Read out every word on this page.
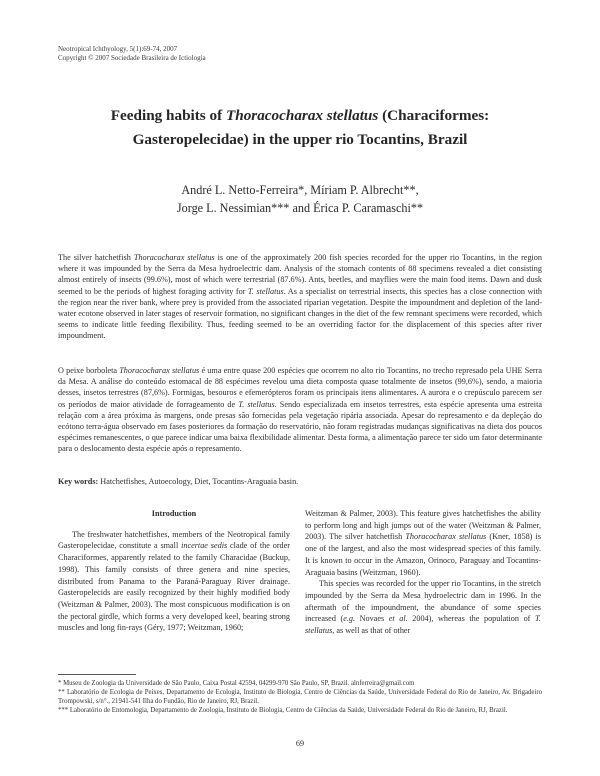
Neotropical Ichthyology, 5(1):69-74, 2007
Copyright © 2007 Sociedade Brasileira de Ictiologia
Feeding habits of Thoracocharax stellatus (Characiformes:
Gasteropelecidae) in the upper rio Tocantins, Brazil
André L. Netto-Ferreira*, Míriam P. Albrecht**,
Jorge L. Nessimian*** and Érica P. Caramaschi**
The silver hatchetfish Thoracocharax stellatus is one of the approximately 200 fish species recorded for the upper rio Tocantins, in the region where it was impounded by the Serra da Mesa hydroelectric dam. Analysis of the stomach contents of 88 specimens revealed a diet consisting almost entirely of insects (99.6%), most of which were terrestrial (87.6%). Ants, beetles, and mayflies were the main food items. Dawn and dusk seemed to be the periods of highest foraging activity for T. stellatus. As a specialist on terrestrial insects, this species has a close connection with the region near the river bank, where prey is provided from the associated riparian vegetation. Despite the impoundment and depletion of the land-water ecotone observed in later stages of reservoir formation, no significant changes in the diet of the few remnant specimens were recorded, which seems to indicate little feeding flexibility. Thus, feeding seemed to be an overriding factor for the displacement of this species after river impoundment.
O peixe borboleta Thoracocharax stellatus é uma entre quase 200 espécies que ocorrem no alto rio Tocantins, no trecho represado pela UHE Serra da Mesa. A análise do conteúdo estomacal de 88 espécimes revelou uma dieta composta quase totalmente de insetos (99,6%), sendo, a maioria desses, insetos terrestres (87,6%). Formigas, besouros e efemerópteros foram os principais itens alimentares. A aurora e o crepúsculo parecem ser os períodos de maior atividade de forrageamento de T. stellatus. Sendo especializada em insetos terrestres, esta espécie apresenta uma estreita relação com a área próxima às margens, onde presas são fornecidas pela vegetação ripária associada. Apesar do represamento e da depleção do ecótono terra-água observado em fases posteriores da formação do reservatório, não foram registradas mudanças significativas na dieta dos poucos espécimes remanescentes, o que parece indicar uma baixa flexibilidade alimentar. Desta forma, a alimentação parece ter sido um fator determinante para o deslocamento desta espécie após o represamento.
Key words: Hatchetfishes, Autoecology, Diet, Tocantins-Araguaia basin.
Introduction

The freshwater hatchetfishes, members of the Neotropical family Gasteropelecidae, constitute a small incertae sedis clade of the order Characiformes, apparently related to the family Characidae (Buckup, 1998). This family consists of three genera and nine species, distributed from Panama to the Paraná-Paraguay River drainage. Gasteropelecids are easily recognized by their highly modified body (Weitzman & Palmer, 2003). The most conspicuous modification is on the pectoral girdle, which forms a very developed keel, bearing strong muscles and long fin-rays (Géry, 1977; Weitzman, 1960;

Weitzman & Palmer, 2003). This feature gives hatchetfishes the ability to perform long and high jumps out of the water (Weitzman & Palmer, 2003). The silver hatchetfish Thoracocharax stellatus (Kner, 1858) is one of the largest, and also the most widespread species of this family. It is known to occur in the Amazon, Orinoco, Paraguay and Tocantins-Araguaia basins (Weitzman, 1960).

This species was recorded for the upper rio Tocantins, in the stretch impounded by the Serra da Mesa hydroelectric dam in 1996. In the aftermath of the impoundment, the abundance of some species increased (e.g. Novaes et al. 2004), whereas the population of T. stellatus, as well as that of other

* Museu de Zoologia da Universidade de São Paulo, Caixa Postal 42594, 04299-970 São Paulo, SP, Brazil. alnferreira@gmail.com
** Laboratório de Ecologia de Peixes, Departamento de Ecologia, Instituto de Biologia, Centro de Ciências da Saúde, Universidade Federal do Rio de Janeiro, Av. Brigadeiro Trompowski, s/n°., 21941-541 Ilha do Fundão, Rio de Janeiro, RJ, Brazil.
*** Laboratório de Entomologia, Departamento de Zoologia, Instituto de Biologia, Centro de Ciências da Saúde, Universidade Federal do Rio de Janeiro, RJ, Brazil.
69
